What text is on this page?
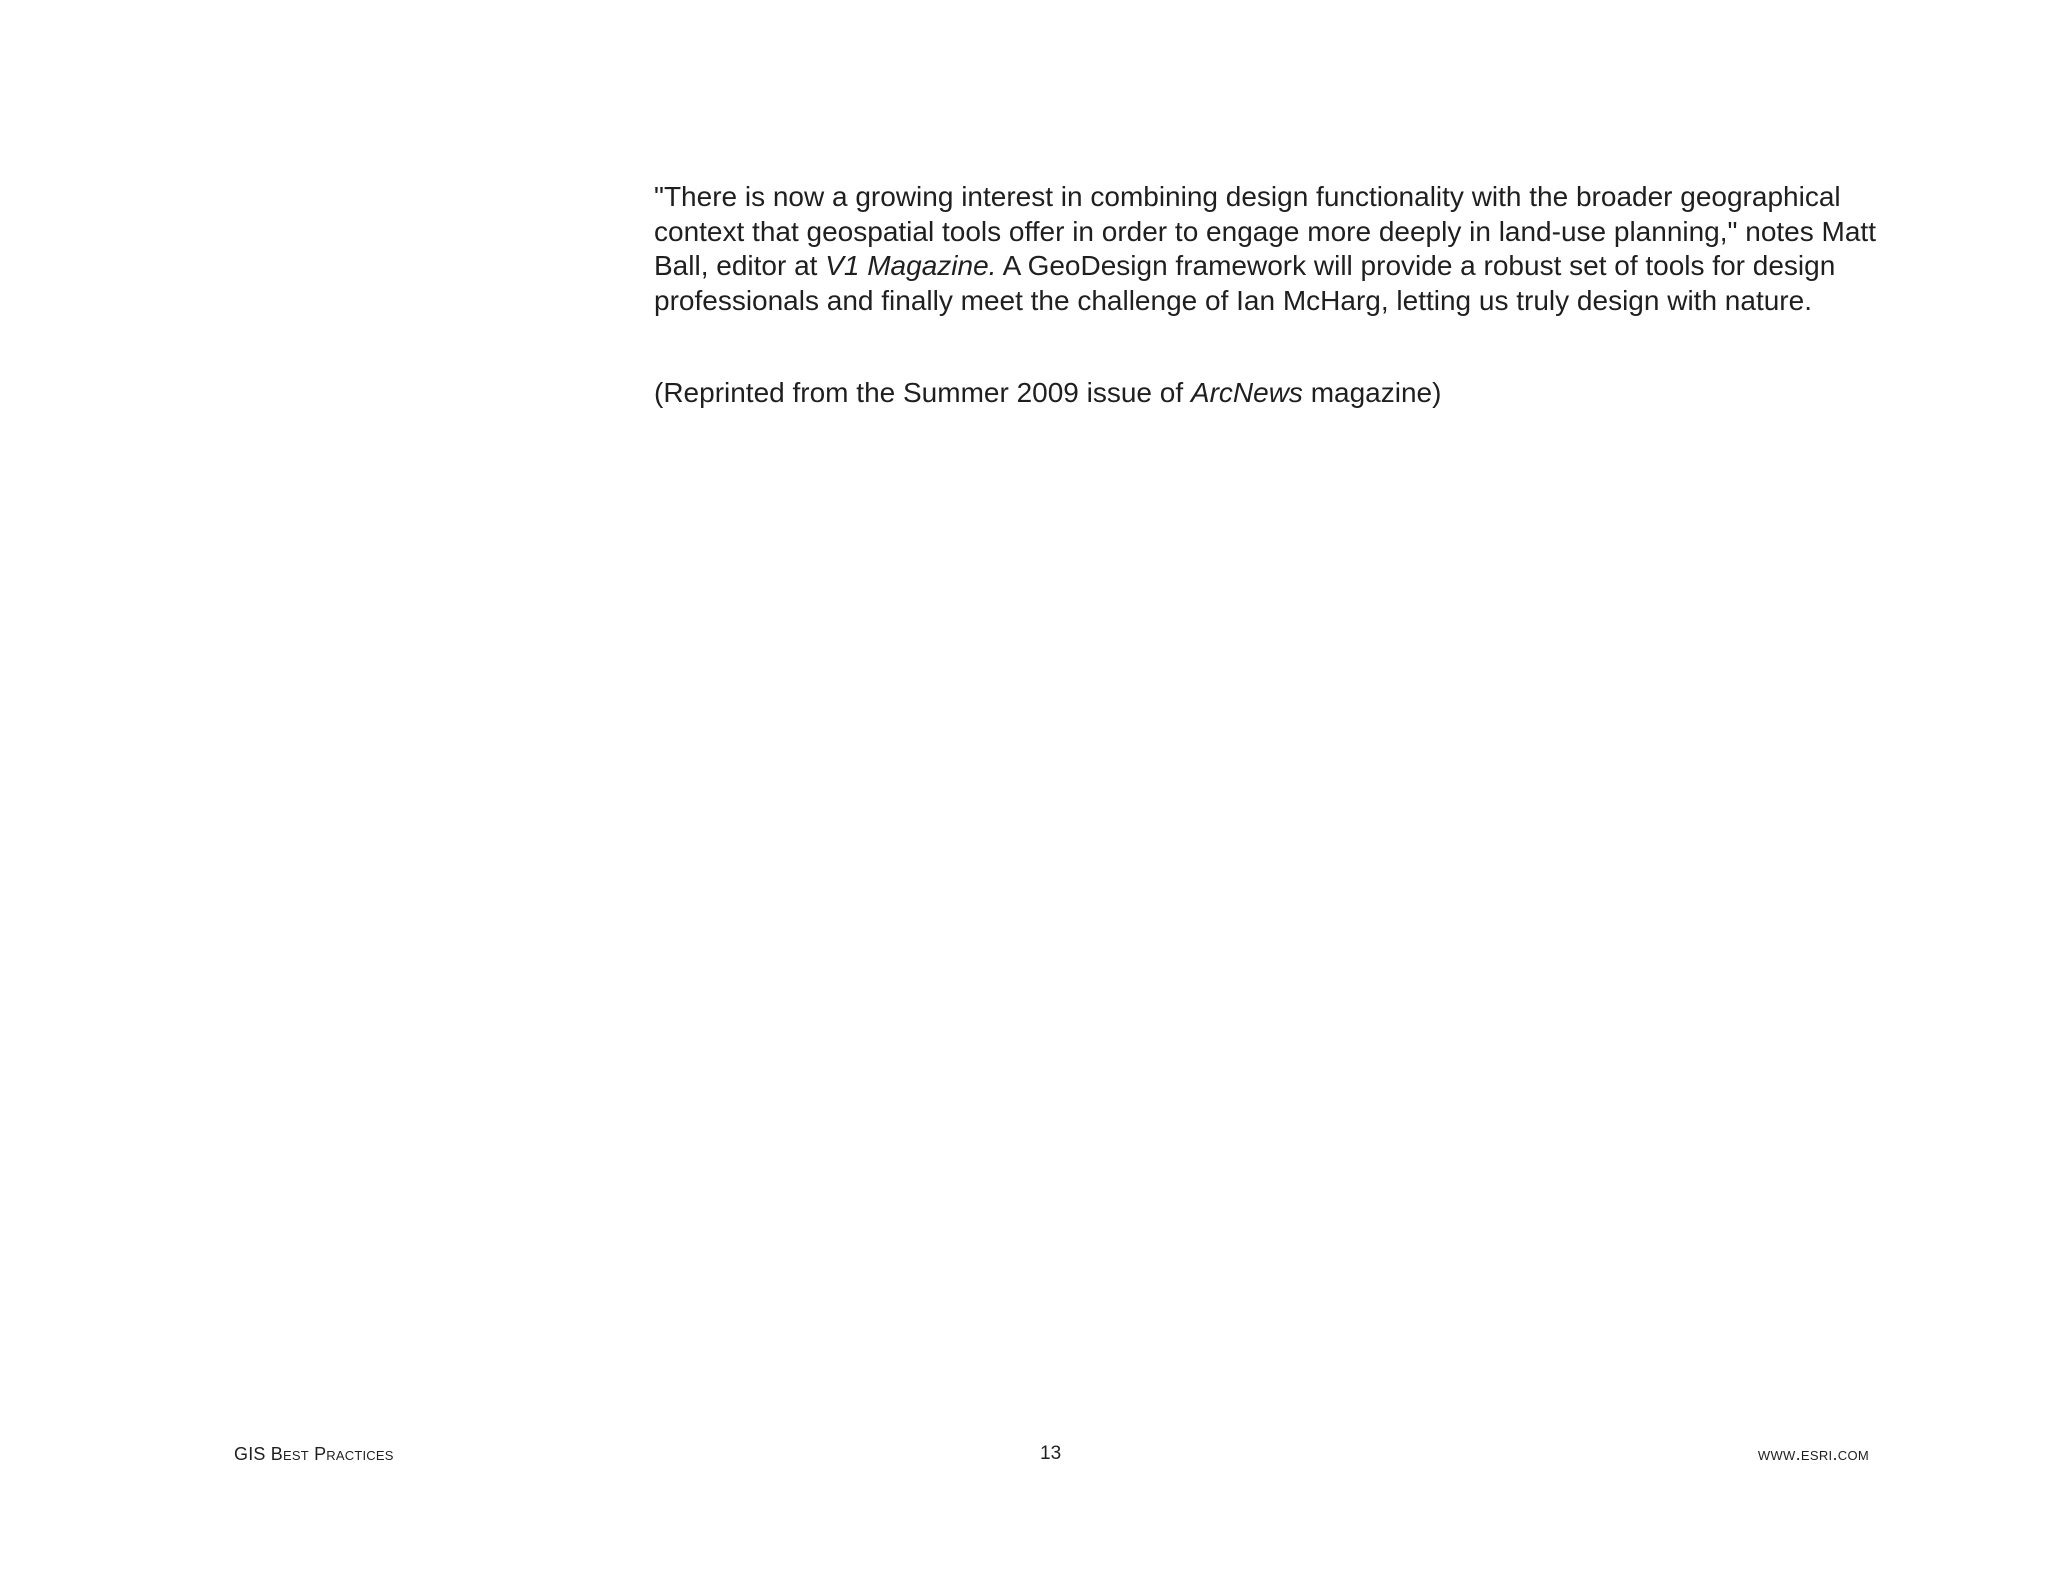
"There is now a growing interest in combining design functionality with the broader geographical context that geospatial tools offer in order to engage more deeply in land-use planning," notes Matt Ball, editor at V1 Magazine. A GeoDesign framework will provide a robust set of tools for design professionals and finally meet the challenge of Ian McHarg, letting us truly design with nature.

(Reprinted from the Summer 2009 issue of ArcNews magazine)

GIS Best Practices	13	www.esri.com
